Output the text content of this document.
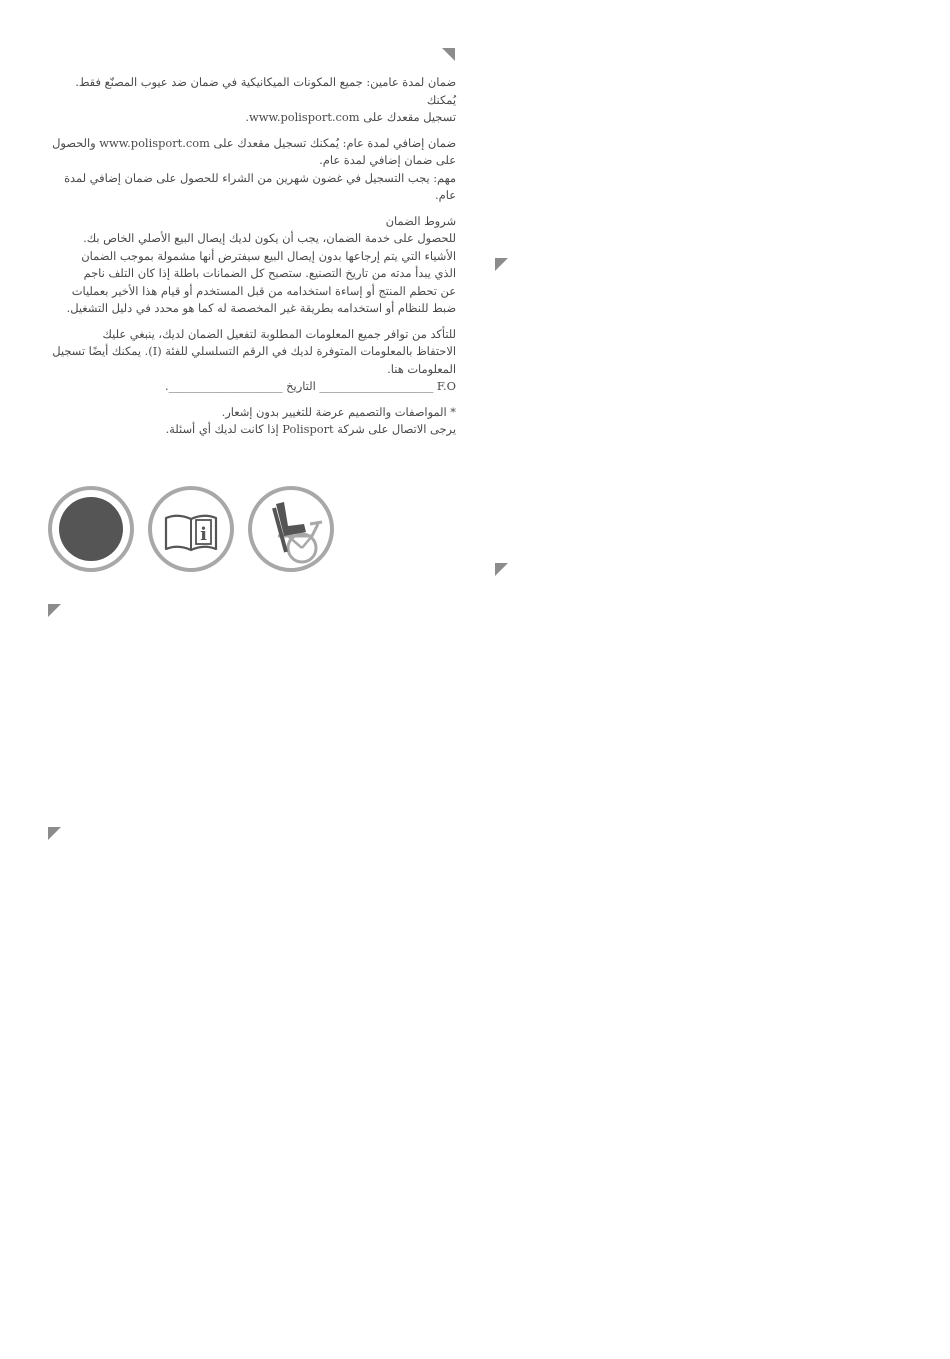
ضمان لمدة عامين: جميع المكونات الميكانيكية في ضمان ضد عيوب المصنّع فقط. يُمكنك
تسجيل مقعدك على www.polisport.com.

ضمان إضافي لمدة عام: يُمكنك تسجيل مقعدك على www.polisport.com والحصول
على ضمان إضافي لمدة عام.
مهم: يجب التسجيل في غضون شهرين من الشراء للحصول على ضمان إضافي لمدة عام.

شروط الضمان
للحصول على خدمة الضمان، يجب أن يكون لديك إيصال البيع الأصلي الخاص بك.
الأشياء التي يتم إرجاعها بدون إيصال البيع سيفترض أنها مشمولة بموجب الضمان
الذي يبدأ مدته من تاريخ التصنيع. ستصبح كل الضمانات باطلة إذا كان التلف ناجم
عن تحطم المنتج أو إساءة استخدامه من قبل المستخدم أو قيام هذا الأخير بعمليات
ضبط للنظام أو استخدامه بطريقة غير المخصصة له كما هو محدد في دليل التشغيل.

للتأكد من توافر جميع المعلومات المطلوبة لتفعيل الضمان لديك، ينبغي عليك
الاحتفاظ بالمعلومات المتوفرة لديك في الرقم التسلسلي للفئة (I). يمكنك أيضًا تسجيل
المعلومات هنا.
F.O ____________________ التاريخ ____________________.

* المواصفات والتصميم عرضة للتغيير بدون إشعار.
يرجى الاتصال على شركة Polisport إذا كانت لديك أي أسئلة.

i
